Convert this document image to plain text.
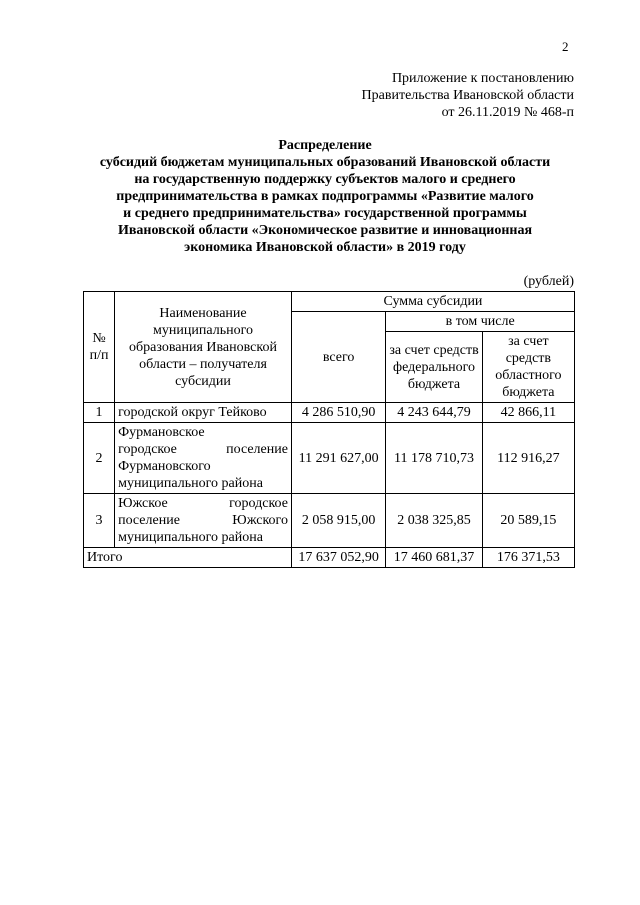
2
Приложение к постановлению
Правительства Ивановской области
от 26.11.2019 № 468-п
Распределение
субсидий бюджетам муниципальных образований Ивановской области
на государственную поддержку субъектов малого и среднего
предпринимательства в рамках подпрограммы «Развитие малого
и среднего предпринимательства» государственной программы
Ивановской области «Экономическое развитие и инновационная
экономика Ивановской области» в 2019 году
(рублей)
№ п/п	Наименование муниципального образования Ивановской области – получателя субсидии	Сумма субсидии		
		всего	в том числе	
			за счет средств федерального бюджета	за счет средств областного бюджета
1	городской округ Тейково	4 286 510,90	4 243 644,79	42 866,11
2	Фурмановское
городское поселение
Фурмановского
муниципального района	11 291 627,00	11 178 710,73	112 916,27
3	Южское городское
поселение Южского
муниципального района	2 058 915,00	2 038 325,85	20 589,15
Итого		17 637 052,90	17 460 681,37	176 371,53
